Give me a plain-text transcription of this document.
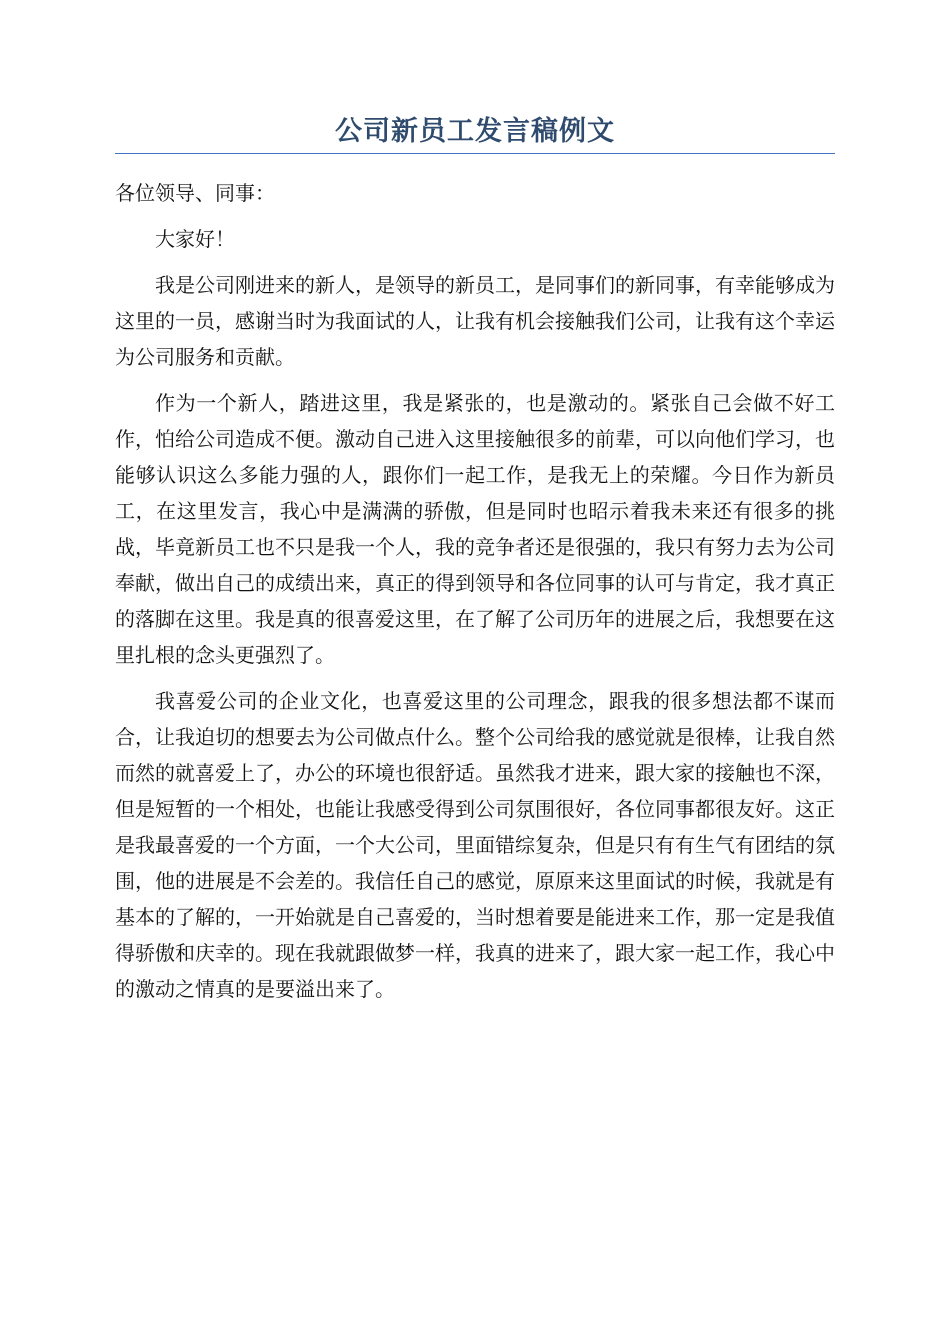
公司新员工发言稿例文

各位领导、同事：

大家好！

我是公司刚进来的新人，是领导的新员工，是同事们的新同事，有幸能够成为这里的一员，感谢当时为我面试的人，让我有机会接触我们公司，让我有这个幸运为公司服务和贡献。

作为一个新人，踏进这里，我是紧张的，也是激动的。紧张自己会做不好工作，怕给公司造成不便。激动自己进入这里接触很多的前辈，可以向他们学习，也能够认识这么多能力强的人，跟你们一起工作，是我无上的荣耀。今日作为新员工，在这里发言，我心中是满满的骄傲，但是同时也昭示着我未来还有很多的挑战，毕竟新员工也不只是我一个人，我的竞争者还是很强的，我只有努力去为公司奉献，做出自己的成绩出来，真正的得到领导和各位同事的认可与肯定，我才真正的落脚在这里。我是真的很喜爱这里，在了解了公司历年的进展之后，我想要在这里扎根的念头更强烈了。

我喜爱公司的企业文化，也喜爱这里的公司理念，跟我的很多想法都不谋而合，让我迫切的想要去为公司做点什么。整个公司给我的感觉就是很棒，让我自然而然的就喜爱上了，办公的环境也很舒适。虽然我才进来，跟大家的接触也不深，但是短暂的一个相处，也能让我感受得到公司氛围很好，各位同事都很友好。这正是我最喜爱的一个方面，一个大公司，里面错综复杂，但是只有有生气有团结的氛围，他的进展是不会差的。我信任自己的感觉，原原来这里面试的时候，我就是有基本的了解的，一开始就是自己喜爱的，当时想着要是能进来工作，那一定是我值得骄傲和庆幸的。现在我就跟做梦一样，我真的进来了，跟大家一起工作，我心中的激动之情真的是要溢出来了。
